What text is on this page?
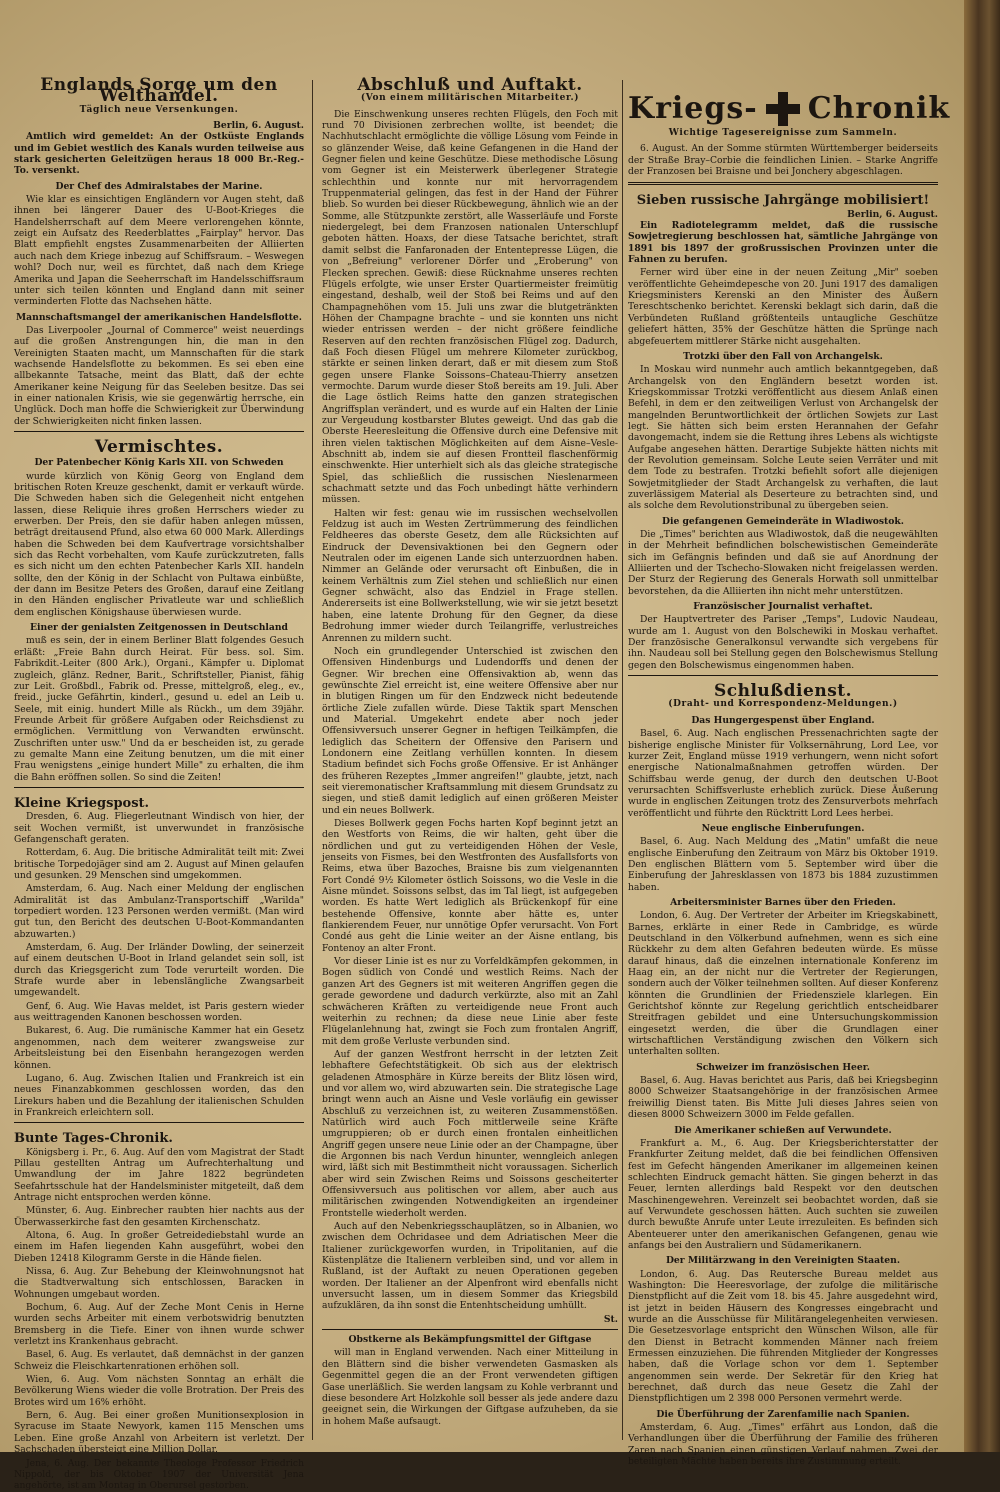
Englands Sorge um den Welthandel.
Täglich neue Versenkungen.

Berlin, 6. August.

Amtlich wird gemeldet: An der Ostküste Englands und im Gebiet westlich des Kanals wurden teilweise aus stark gesicherten Geleitzügen heraus 18 000 Br.-Reg.-To. versenkt.

Der Chef des Admiralstabes der Marine.

Wie klar es einsichtigen Engländern vor Augen steht, daß ihnen bei längerer Dauer des U-Boot-Krieges die Handelsherrschaft auf dem Meere verlorengehen könnte, zeigt ein Aufsatz des Reederblattes „Fairplay" hervor. Das Blatt empfiehlt engstes Zusammenarbeiten der Alliierten auch nach dem Kriege inbezug auf Schiffsraum. – Weswegen wohl? Doch nur, weil es fürchtet, daß nach dem Kriege Amerika und Japan die Seeherrschaft im Handelsschiffsraum unter sich teilen könnten und England dann mit seiner verminderten Flotte das Nachsehen hätte.

Mannschaftsmangel der amerikanischen Handelsflotte.

Das Liverpooler „Journal of Commerce" weist neuerdings auf die großen Anstrengungen hin, die man in den Vereinigten Staaten macht, um Mannschaften für die stark wachsende Handelsflotte zu bekommen. Es sei eben eine allbekannte Tatsache, meint das Blatt, daß der echte Amerikaner keine Neigung für das Seeleben besitze. Das sei in einer nationalen Krisis, wie sie gegenwärtig herrsche, ein Unglück. Doch man hoffe die Schwierigkeit zur Überwindung der Schwierigkeiten nicht finken lassen.

Vermischtes.
Der Patenbecher König Karls XII. von Schweden

wurde kürzlich von König Georg von England dem britischen Roten Kreuze geschenkt, damit er verkauft würde. Die Schweden haben sich die Gelegenheit nicht entgehen lassen, diese Reliquie ihres großen Herrschers wieder zu erwerben. Der Preis, den sie dafür haben anlegen müssen, beträgt dreitausend Pfund, also etwa 60 000 Mark. Allerdings haben die Schweden bei dem Kaufvertrage vorsichtshalber sich das Recht vorbehalten, vom Kaufe zurückzutreten, falls es sich nicht um den echten Patenbecher Karls XII. handeln sollte, den der König in der Schlacht von Pultawa einbüßte, der dann im Besitze Peters des Großen, darauf eine Zeitlang in den Händen englischer Privatleute war und schließlich dem englischen Königshause überwiesen wurde.

Einer der genialsten Zeitgenossen in Deutschland

muß es sein, der in einem Berliner Blatt folgendes Gesuch erläßt: „Freie Bahn durch Heirat. Für bess. sol. Sim. Fabrikdit.-Leiter (800 Ark.), Organi., Kämpfer u. Diplomat zugleich, glänz. Redner, Barit., Schriftsteller, Pianist, fähig zur Leit. Großbdl., Fabrik od. Presse, mittelgroß, eleg., ev., freid., jucke Gefährtin, kinderl., gesund u. edel an Leib u. Seele, mit einig. hundert Mille als Rückh., um dem 39jähr. Freunde Arbeit für größere Aufgaben oder Reichsdienst zu ermöglichen. Vermittlung von Verwandten erwünscht. Zuschriften unter usw." Und da er bescheiden ist, zu gerade zu gemalte Mann eine Zeitung benutzen, um die mit einer Frau wenigstens „einige hundert Mille" zu erhalten, die ihm die Bahn eröffnen sollen. So sind die Zeiten!

Kleine Kriegspost.

Dresden, 6. Aug. Fliegerleutnant Windisch von hier, der seit Wochen vermißt, ist unverwundet in französische Gefangenschaft geraten.

Rotterdam, 6. Aug. Die britische Admiralität teilt mit: Zwei britische Torpedojäger sind am 2. August auf Minen gelaufen und gesunken. 29 Menschen sind umgekommen.

Amsterdam, 6. Aug. Nach einer Meldung der englischen Admiralität ist das Ambulanz-Transportschiff „Warilda" torpediert worden. 123 Personen werden vermißt. (Man wird gut tun, den Bericht des deutschen U-Boot-Kommandanten abzuwarten.)

Amsterdam, 6. Aug. Der Irländer Dowling, der seinerzeit auf einem deutschen U-Boot in Irland gelandet sein soll, ist durch das Kriegsgericht zum Tode verurteilt worden. Die Strafe wurde aber in lebenslängliche Zwangsarbeit umgewandelt.

Genf, 6. Aug. Wie Havas meldet, ist Paris gestern wieder aus weittragenden Kanonen beschossen worden.

Bukarest, 6. Aug. Die rumänische Kammer hat ein Gesetz angenommen, nach dem weiterer zwangsweise zur Arbeitsleistung bei den Eisenbahn herangezogen werden können.

Lugano, 6. Aug. Zwischen Italien und Frankreich ist ein neues Finanzabkommen geschlossen worden, das den Lirekurs haben und die Bezahlung der italienischen Schulden in Frankreich erleichtern soll.

Bunte Tages-Chronik.

Königsberg i. Pr., 6. Aug. Auf den vom Magistrat der Stadt Pillau gestellten Antrag um Aufrechterhaltung und Umwandlung der im Jahre 1822 begründeten Seefahrtsschule hat der Handelsminister mitgeteilt, daß dem Antrage nicht entsprochen werden könne.

Münster, 6. Aug. Einbrecher raubten hier nachts aus der Überwasserkirche fast den gesamten Kirchenschatz.

Altona, 6. Aug. In großer Getreidediebstahl wurde an einem im Hafen liegenden Kahn ausgeführt, wobei den Dieben 12418 Kilogramm Gerste in die Hände fielen.

Nissa, 6. Aug. Zur Behebung der Kleinwohnungsnot hat die Stadtverwaltung sich entschlossen, Baracken in Wohnungen umgebaut worden.

Bochum, 6. Aug. Auf der Zeche Mont Cenis in Herne wurden sechs Arbeiter mit einem verbotswidrig benutzten Bremsberg in die Tiefe. Einer von ihnen wurde schwer verletzt ins Krankenhaus gebracht.

Basel, 6. Aug. Es verlautet, daß demnächst in der ganzen Schweiz die Fleischkartenrationen erhöhen soll.

Wien, 6. Aug. Vom nächsten Sonntag an erhält die Bevölkerung Wiens wieder die volle Brotration. Der Preis des Brotes wird um 16% erhöht.

Bern, 6. Aug. Bei einer großen Munitionsexplosion in Syracuse im Staate Newyork, kamen 115 Menschen ums Leben. Eine große Anzahl von Arbeitern ist verletzt. Der Sachschaden übersteigt eine Million Dollar.

Jena, 6. Aug. Der bekannte Theologe Professor Friedrich Nippold, der bis Oktober 1907 der Universität Jena angehörte, ist am Montag in Oberursel gestorben.

Abschluß und Auftakt.
(Von einem militärischen Mitarbeiter.)

Die Einschwenkung unseres rechten Flügels, den Foch mit rund 70 Divisionen zerbrechen wollte, ist beendet; die Nachhutschlacht ermöglichte die völlige Lösung vom Feinde in so glänzender Weise, daß keine Gefangenen in die Hand der Gegner fielen und keine Geschütze. Diese methodische Lösung vom Gegner ist ein Meisterwerk überlegener Strategie schlechthin und konnte nur mit hervorragendem Truppenmaterial gelingen, das fest in der Hand der Führer blieb. So wurden bei dieser Rückbewegung, ähnlich wie an der Somme, alle Stützpunkte zerstört, alle Wasserläufe und Forste niedergelegt, bei dem Franzosen nationalen Unterschlupf geboten hätten. Hoaxs, der diese Tatsache berichtet, straft damit selbst die Fanfaronaden der Ententepresse Lügen, die von „Befreiung" verlorener Dörfer und „Eroberung" von Flecken sprechen. Gewiß: diese Rücknahme unseres rechten Flügels erfolgte, wie unser Erster Quartiermeister freimütig eingestand, deshalb, weil der Stoß bei Reims und auf den Champagnehöhen vom 15. Juli uns zwar die blutgetränkten Höhen der Champagne brachte – und sie konnten uns nicht wieder entrissen werden – der nicht größere feindliche Reserven auf den rechten französischen Flügel zog. Dadurch, daß Foch diesen Flügel um mehrere Kilometer zurückbog, stärkte er seinen linken derart, daß er mit diesem zum Stoß gegen unsere Flanke Soissons–Chateau-Thierry ansetzen vermochte. Darum wurde dieser Stoß bereits am 19. Juli. Aber die Lage östlich Reims hatte den ganzen strategischen Angriffsplan verändert, und es wurde auf ein Halten der Linie zur Vergeudung kostbarster Blutes geweigt. Und das gab die Oberste Heeresleitung die Offensive durch eine Defensive mit ihren vielen taktischen Möglichkeiten auf dem Aisne–Vesle-Abschnitt ab, indem sie auf diesen Frontteil flaschenförmig einschwenkte. Hier unterhielt sich als das gleiche strategische Spiel, das schließlich die russischen Nieslenarmeen schachmatt setzte und das Foch unbedingt hätte verhindern müssen.

Halten wir fest: genau wie im russischen wechselvollen Feldzug ist auch im Westen Zertrümmerung des feindlichen Feldheeres das oberste Gesetz, dem alle Rücksichten auf Eindruck der Devensivaktionen bei den Gegnern oder Neutralen oder im eigenen Lande sich unterzuordnen haben. Nimmer an Gelände oder verursacht oft Einbußen, die in keinem Verhältnis zum Ziel stehen und schließlich nur einen Gegner schwächt, also das Endziel in Frage stellen. Andererseits ist eine Bollwerkstellung, wie wir sie jetzt besetzt haben, eine latente Drohung für den Gegner, da diese Bedrohung immer wieder durch Teilangriffe, verlustreiches Anrennen zu mildern sucht.

Noch ein grundlegender Unterschied ist zwischen den Offensiven Hindenburgs und Ludendorffs und denen der Gegner. Wir brechen eine Offensivaktion ab, wenn das gewünschte Ziel erreicht ist, eine weitere Offensive aber nur in blutigen Ringen um für den Endzweck nicht bedeutende örtliche Ziele zufallen würde. Diese Taktik spart Menschen und Material. Umgekehrt endete aber noch jeder Offensivversuch unserer Gegner in heftigen Teilkämpfen, die lediglich das Scheitern der Offensive den Parisern und Londonern eine Zeitlang verhüllen konnten. In diesem Stadium befindet sich Fochs große Offensive. Er ist Anhänger des früheren Rezeptes „Immer angreifen!" glaubte, jetzt, nach seit vieremonatischer Kraftsammlung mit diesem Grundsatz zu siegen, und stieß damit lediglich auf einen größeren Meister und ein neues Bollwerk.

Dieses Bollwerk gegen Fochs harten Kopf beginnt jetzt an den Westforts von Reims, die wir halten, geht über die nördlichen und gut zu verteidigenden Höhen der Vesle, jenseits von Fismes, bei den Westfronten des Ausfallsforts von Reims, etwa über Bazoches, Braisne bis zum vielgenannten Fort Condé 9½ Kilometer östlich Soissons, wo die Vesle in die Aisne mündet. Soissons selbst, das im Tal liegt, ist aufgegeben worden. Es hatte Wert lediglich als Brückenkopf für eine bestehende Offensive, konnte aber hätte es, unter flankierendem Feuer, nur unnötige Opfer verursacht. Von Fort Condé aus geht die Linie weiter an der Aisne entlang, bis Fontenoy an alter Front.

Vor dieser Linie ist es nur zu Vorfeldkämpfen gekommen, in Bogen südlich von Condé und westlich Reims. Nach der ganzen Art des Gegners ist mit weiteren Angriffen gegen die gerade gewordene und dadurch verkürzte, also mit an Zahl schwächeren Kräften zu verteidigende neue Front auch weiterhin zu rechnen; da diese neue Linie aber feste Flügelanlehnung hat, zwingt sie Foch zum frontalen Angriff, mit dem große Verluste verbunden sind.

Auf der ganzen Westfront herrscht in der letzten Zeit lebhaftere Gefechtstätigkeit. Ob sich aus der elektrisch geladenen Atmosphäre in Kürze bereits der Blitz lösen wird, und vor allem wo, wird abzuwarten sein. Die strategische Lage bringt wenn auch an Aisne und Vesle vorläufig ein gewisser Abschluß zu verzeichnen ist, zu weiteren Zusammenstößen. Natürlich wird auch Foch mittlerweile seine Kräfte umgruppieren; ob er durch einen frontalen einheitlichen Angriff gegen unsere neue Linie oder an der Champagne, über die Argonnen bis nach Verdun hinunter, wenngleich anlegen wird, läßt sich mit Bestimmtheit nicht voraussagen. Sicherlich aber wird sein Zwischen Reims und Soissons gescheiterter Offensivversuch aus politischen vor allem, aber auch aus militärischen zwingenden Notwendigkeiten an irgendeiner Frontstelle wiederholt werden.

Auch auf den Nebenkriegsschauplätzen, so in Albanien, wo zwischen dem Ochridasee und dem Adriatischen Meer die Italiener zurückgeworfen wurden, in Tripolitanien, auf die Küstenplätze die Italienern verbleiben sind, und vor allem in Rußland, ist der Auftakt zu neuen Operationen gegeben worden. Der Italiener an der Alpenfront wird ebenfalls nicht unversucht lassen, um in diesem Sommer das Kriegsbild aufzuklären, da ihn sonst die Entenhtscheidung umhüllt.

St.

Obstkerne als Bekämpfungsmittel der Giftgase

will man in England verwenden. Nach einer Mitteilung in den Blättern sind die bisher verwendeten Gasmasken als Gegenmittel gegen die an der Front verwendeten giftigen Gase unerläßlich. Sie werden langsam zu Kohle verbrannt und diese besondere Art Holzkohle soll besser als jede andere dazu geeignet sein, die Wirkungen der Giftgase aufzuheben, da sie in hohem Maße aufsaugt.

Kriegs- Chronik
Wichtige Tagesereignisse zum Sammeln.

6. August. An der Somme stürmten Württemberger beiderseits der Straße Bray–Corbie die feindlichen Linien. – Starke Angriffe der Franzosen bei Braisne und bei Jonchery abgeschlagen.

Sieben russische Jahrgänge mobilisiert!

Berlin, 6. August.

Ein Radiotelegramm meldet, daß die russische Sowjetregierung beschlossen hat, sämtliche Jahrgänge von 1891 bis 1897 der großrussischen Provinzen unter die Fahnen zu berufen.

Ferner wird über eine in der neuen Zeitung „Mir" soeben veröffentlichte Geheimdepesche von 20. Juni 1917 des damaligen Kriegsministers Kerenski an den Minister des Äußern Tereschtschenko berichtet. Kerenski beklagt sich darin, daß die Verbündeten Rußland größtenteils untaugliche Geschütze geliefert hätten, 35% der Geschütze hätten die Sprünge nach abgefeuertem mittlerer Stärke nicht ausgehalten.

Trotzki über den Fall von Archangelsk.

In Moskau wird nunmehr auch amtlich bekanntgegeben, daß Archangelsk von den Engländern besetzt worden ist. Kriegskommissar Trotzki veröffentlicht aus diesem Anlaß einen Befehl, in dem er den zeitweiligen Verlust von Archangelsk der mangelnden Beruntwortlichkeit der örtlichen Sowjets zur Last legt. Sie hätten sich beim ersten Herannahen der Gefahr davongemacht, indem sie die Rettung ihres Lebens als wichtigste Aufgabe angesehen hätten. Derartige Subjekte hätten nichts mit der Revolution gemeinsam. Solche Leute seien Verräter und mit dem Tode zu bestrafen. Trotzki befiehlt sofort alle diejenigen Sowjetmitglieder der Stadt Archangelsk zu verhaften, die laut zuverlässigem Material als Deserteure zu betrachten sind, und als solche dem Revolutionstribunal zu übergeben seien.

Die gefangenen Gemeinderäte in Wladiwostok.

Die „Times" berichten aus Wladiwostok, daß die neugewählten in der Mehrheit befindlichen bolschewistischen Gemeinderäte sich im Gefängnis befinden und daß sie auf Anordnung der Alliierten und der Tschecho-Slowaken nicht freigelassen werden. Der Sturz der Regierung des Generals Horwath soll unmittelbar bevorstehen, da die Alliierten ihn nicht mehr unterstützen.

Französischer Journalist verhaftet.

Der Hauptvertreter des Pariser „Temps", Ludovic Naudeau, wurde am 1. August von den Bolschewiki in Moskau verhaftet. Der französische Generalkonsul verwandte sich vergebens für ihn. Naudeau soll bei Stellung gegen den Bolschewismus Stellung gegen den Bolschewismus eingenommen haben.

Schlußdienst.
(Draht- und Korrespondenz-Meldungen.)
Das Hungergespenst über England.

Basel, 6. Aug. Nach englischen Pressenachrichten sagte der bisherige englische Minister für Volksernährung, Lord Lee, vor kurzer Zeit, England müsse 1919 verhungern, wenn nicht sofort energische Nationalmaßnahmen getroffen würden. Der Schiffsbau werde genug, der durch den deutschen U-Boot verursachten Schiffsverluste erheblich zurück. Diese Äußerung wurde in englischen Zeitungen trotz des Zensurverbots mehrfach veröffentlicht und führte den Rücktritt Lord Lees herbei.

Neue englische Einberufungen.

Basel, 6. Aug. Nach Meldung des „Matin" umfaßt die neue englische Einberufung den Zeitraum von März bis Oktober 1919. Den englischen Blättern vom 5. September wird über die Einberufung der Jahresklassen von 1873 bis 1884 zuzustimmen haben.

Arbeitersminister Barnes über den Frieden.

London, 6. Aug. Der Vertreter der Arbeiter im Kriegskabinett, Barnes, erklärte in einer Rede in Cambridge, es würde Deutschland in den Völkerbund aufnehmen, wenn es sich eine Rückkehr zu dem alten Gefahren bedeuten würde. Es müsse darauf hinaus, daß die einzelnen internationale Konferenz im Haag ein, an der nicht nur die Vertreter der Regierungen, sondern auch der Völker teilnehmen sollten. Auf dieser Konferenz könnten die Grundlinien der Friedensziele klarlegen. Ein Gerichtshof könnte zur Regelung gerichtlich entscheidbarer Streitfragen gebildet und eine Untersuchungskommission eingesetzt werden, die über die Grundlagen einer wirtschaftlichen Verständigung zwischen den Völkern sich unterhalten sollten.

Schweizer im französischen Heer.

Basel, 6. Aug. Havas berichtet aus Paris, daß bei Kriegsbeginn 8000 Schweizer Staatsangehörige in der französischen Armee freiwillig Dienst taten. Bis Mitte Juli dieses Jahres seien von diesen 8000 Schweizern 3000 im Felde gefallen.

Die Amerikaner schießen auf Verwundete.

Frankfurt a. M., 6. Aug. Der Kriegsberichterstatter der Frankfurter Zeitung meldet, daß die bei feindlichen Offensiven fest im Gefecht hängenden Amerikaner im allgemeinen keinen schlechten Eindruck gemacht hätten. Sie gingen beherzt in das Feuer, lernten allerdings bald Respekt vor den deutschen Maschinengewehren. Vereinzelt sei beobachtet worden, daß sie auf Verwundete geschossen hätten. Auch suchten sie zuweilen durch bewußte Anrufe unter Leute irrezuleiten. Es befinden sich Abenteuerer unter den amerikanischen Gefangenen, genau wie anfangs bei den Australiern und Südamerikanern.

Der Militärzwang in den Vereinigten Staaten.

London, 6. Aug. Das Reutersche Bureau meldet aus Washington: Die Heeresvorlage, der zufolge die militärische Dienstpflicht auf die Zeit vom 18. bis 45. Jahre ausgedehnt wird, ist jetzt in beiden Häusern des Kongresses eingebracht und wurde an die Ausschüsse für Militärangelegenheiten verwiesen. Die Gesetzesvorlage entspricht den Wünschen Wilson, alle für den Dienst in Betracht kommenden Männer nach freiem Ermessen einzuziehen. Die führenden Mitglieder der Kongresses haben, daß die Vorlage schon vor dem 1. September angenommen sein werde. Der Sekretär für den Krieg hat berechnet, daß durch das neue Gesetz die Zahl der Dienstpflichtigen um 2 398 000 Personen vermehrt werde.

Die Überführung der Zarenfamilie nach Spanien.

Amsterdam, 6. Aug. „Times" erfährt aus London, daß die Verhandlungen über die Überführung der Familie des früheren Zaren nach Spanien einen günstigen Verlauf nahmen. Zwei der beteiligten Mächte haben bereits ihre Zustimmung erteilt.
